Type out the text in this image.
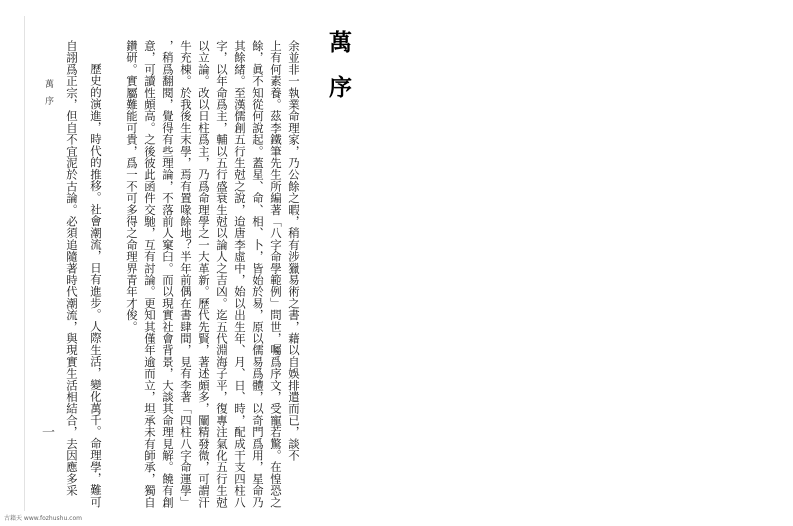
萬序
余並非一執業命理家，乃公餘之暇，稍有涉獵易術之書，藉以自娛排遣而已，談不
上有何素養。茲李鐵筆先生所編著「八字命學範例」問世，囑爲序文，受寵若驚。在惶恐之
餘，眞不知從何說起。蓋星、命、相、卜，皆始於易，原以儒易爲體，以奇門爲用，星命乃
其餘緒。至漢儒創五行生尅之說，迨唐李虛中，始以出生年、月、日、時，配成干支四柱八
字，以年命爲主，輔以五行盛衰生尅以論人之吉凶。迄五代淵海子平，復專注氣化五行生尅
以立論。改以日柱爲主，乃爲命理學之一大革新。歷代先賢，著述頗多，闡精發微，可謂汗
牛充棟。於我後生末學，焉有置喙餘地？半年前偶在書肆間，見有李著「四柱八字命運學」
，稍爲翻閱，覺得有些理論，不落前人窠臼。而以現實社會背景，大談其命理見解。饒有創
意，可讀性頗高。之後彼此函件交馳，互有討論。更知其僅年逾而立，坦承未有師承，獨自
鑽研。實屬難能可貴，爲一不可多得之命理界青年才俊。
歷史的演進，時代的推移。社會潮流，日有進步。人際生活，變化萬千。命理學，難可
自詡爲正宗，但自不宜泥於古論。必須追隨著時代潮流，與現實生活相結合，去因應多采
萬序
一
古籍天 www.fozhushu.com
